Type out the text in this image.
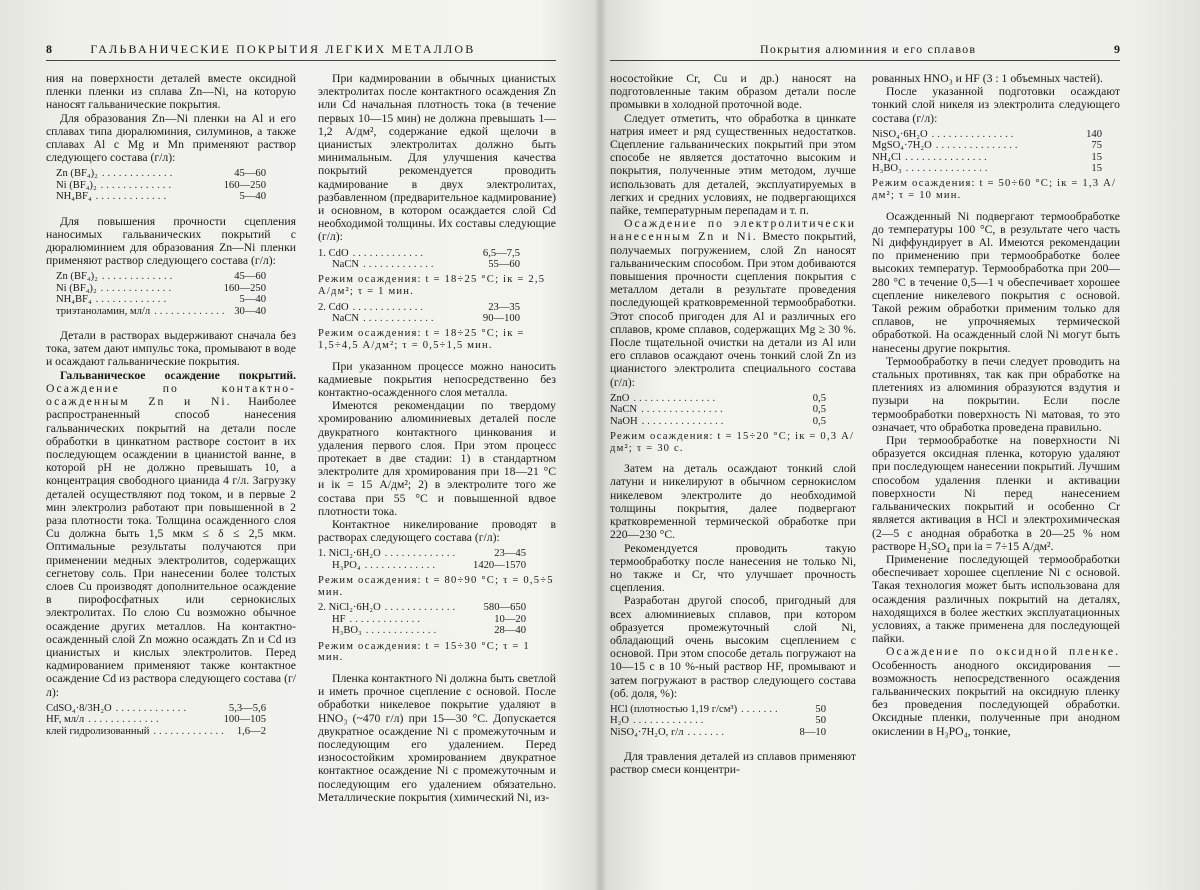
8	ГАЛЬВАНИЧЕСКИЕ ПОКРЫТИЯ ЛЕГКИХ МЕТАЛЛОВ

ния на поверхности деталей вместе оксидной пленки пленки из сплава Zn—Ni, на которую наносят гальванические покрытия.

Для образования Zn—Ni пленки на Al и его сплавах типа дюралюминия, силуминов, а также сплавах Al с Mg и Mn применяют раствор следующего состава (г/л):

Zn (BF₄)₂ .............	45—60
Ni (BF₄)₂ .............	160—250
NH₄BF₄ .............	5—40

Для повышения прочности сцепления наносимых гальванических покрытий с дюралюминием для образования Zn—Ni пленки применяют раствор следующего состава (г/л):

Zn (BF₄)₂ .............	45—60
Ni (BF₄)₂ .............	160—250
NH₄BF₄ .............	5—40
триэтаноламин, мл/л ............. 30—40

Детали в растворах выдерживают сначала без тока, затем дают импульс тока, промывают в воде и осаждают гальванические покрытия.

Гальваническое осаждение покрытий. Осаждение по контактно-осажденным Zn и Ni. Наиболее распространенный способ нанесения гальванических покрытий на детали после обработки в цинкатном растворе состоит в их последующем осаждении в цианистой ванне, в которой pH не должно превышать 10, а концентрация свободного цианида 4 г/л. Загрузку деталей осуществляют под током, и в первые 2 мин электролиз работают при повышенной в 2 раза плотности тока. Толщина осажденного слоя Cu должна быть 1,5 мкм ≤ δ ≤ 2,5 мкм. Оптимальные результаты получаются при применении медных электролитов, содержащих сегнетову соль. При нанесении более толстых слоев Cu производят дополнительное осаждение в пирофосфатных или сернокислых электролитах. По слою Cu возможно обычное осаждение других металлов. На контактно-осажденный слой Zn можно осаждать Zn и Cd из цианистых и кислых электролитов. Перед кадмированием применяют также контактное осаждение Cd из раствора следующего состава (г/л):

CdSO₄·8/3H₂O .............	5,3—5,6
HF, мл/л .............	100—105
клей гидролизованный ............. 1,6—2

При кадмировании в обычных цианистых электролитах после контактного осаждения Zn или Cd начальная плотность тока (в течение первых 10—15 мин) не должна превышать 1—1,2 А/дм², содержание едкой щелочи в цианистых электролитах должно быть минимальным. Для улучшения качества покрытий рекомендуется проводить кадмирование в двух электролитах, разбавленном (предварительное кадмирование) и основном, в котором осаждается слой Cd необходимой толщины. Их составы следующие (г/л):

1. CdO .............	6,5—7,5
NaCN .............	55—60
Режим осаждения: t = 18÷25 °C; iк = 2,5 А/дм²; τ = 1 мин.
2. CdO .............	23—35
NaCN .............	90—100
Режим осаждения: t = 18÷25 °C; iк = 1,5÷4,5 А/дм²; τ = 0,5÷1,5 мин.

При указанном процессе можно наносить кадмиевые покрытия непосредственно без контактно-осажденного слоя металла.

Имеются рекомендации по твердому хромированию алюминиевых деталей после двукратного контактного цинкования и удаления первого слоя. При этом процесс протекает в две стадии: 1) в стандартном электролите для хромирования при 18—21 °C и iк = 15 А/дм²; 2) в электролите того же состава при 55 °C и повышенной вдвое плотности тока.

Контактное никелирование проводят в растворах следующего состава (г/л):

1. NiCl₂·6H₂O .............	23—45
H₃PO₄ .............	1420—1570
Режим осаждения: t = 80÷90 °C; τ = 0,5÷5 мин.
2. NiCl₂·6H₂O .............	580—650
HF .............	10—20
H₃BO₃ .............	28—40
Режим осаждения: t = 15÷30 °C; τ = 1 мин.

Пленка контактного Ni должна быть светлой и иметь прочное сцепление с основой. После обработки никелевое покрытие удаляют в HNO₃ (~470 г/л) при 15—30 °C. Допускается двукратное осаждение Ni с промежуточным и последующим его удалением. Перед износостойким хромированием двукратное контактное осаждение Ni с промежуточным и последующим его удалением обязательно. Металлические покрытия (химический Ni, из-

Покрытия алюминия и его сплавов	9

носостойкие Cr, Cu и др.) наносят на подготовленные таким образом детали после промывки в холодной проточной воде.

Следует отметить, что обработка в цинкате натрия имеет и ряд существенных недостатков. Сцепление гальванических покрытий при этом способе не является достаточно высоким и покрытия, полученные этим методом, лучше использовать для деталей, эксплуатируемых в легких и средних условиях, не подвергающихся пайке, температурным перепадам и т. п.

Осаждение по электролитически нанесенным Zn и Ni. Вместо покрытий, получаемых погружением, слой Zn наносят гальваническим способом. При этом добиваются повышения прочности сцепления покрытия с металлом детали в результате проведения последующей кратковременной термообработки. Этот способ пригоден для Al и различных его сплавов, кроме сплавов, содержащих Mg ≥ 30 %. После тщательной очистки на детали из Al или его сплавов осаждают очень тонкий слой Zn из цианистого электролита специального состава (г/л):

ZnO ...............	0,5
NaCN ...............	0,5
NaOH ...............	0,5
Режим осаждения: t = 15÷20 °C; iк = 0,3 А/дм²; τ = 30 с.

Затем на деталь осаждают тонкий слой латуни и никелируют в обычном сернокислом никелевом электролите до необходимой толщины покрытия, далее подвергают кратковременной термической обработке при 220—230 °C.

Рекомендуется проводить такую термообработку после нанесения не только Ni, но также и Cr, что улучшает прочность сцепления.

Разработан другой способ, пригодный для всех алюминиевых сплавов, при котором образуется промежуточный слой Ni, обладающий очень высоким сцеплением с основой. При этом способе деталь погружают на 10—15 с в 10 %-ный раствор HF, промывают и затем погружают в раствор следующего состава (об. доля, %):

HCl (плотностью 1,19 г/см³) .......	50
H₂O .............	50
NiSO₄·7H₂O, г/л .......	8—10

Для травления деталей из сплавов применяют раствор смеси концентри-

рованных HNO₃ и HF (3 : 1 объемных частей).

После указанной подготовки осаждают тонкий слой никеля из электролита следующего состава (г/л):

NiSO₄·6H₂O ...............	140
MgSO₄·7H₂O ...............	75
NH₄Cl ...............	15
H₃BO₃ ...............	15
Режим осаждения: t = 50÷60 °C; iк = 1,3 А/дм²; τ = 10 мин.

Осажденный Ni подвергают термообработке до температуры 100 °C, в результате чего часть Ni диффундирует в Al. Имеются рекомендации по применению при термообработке более высоких температур. Термообработка при 200—280 °C в течение 0,5—1 ч обеспечивает хорошее сцепление никелевого покрытия с основой. Такой режим обработки применим только для сплавов, не упрочняемых термической обработкой. На осажденный слой Ni могут быть нанесены другие покрытия.

Термообработку в печи следует проводить на стальных противнях, так как при обработке на плетениях из алюминия образуются вздутия и пузыри на покрытии. Если после термообработки поверхность Ni матовая, то это означает, что обработка проведена правильно.

При термообработке на поверхности Ni образуется оксидная пленка, которую удаляют при последующем нанесении покрытий. Лучшим способом удаления пленки и активации поверхности Ni перед нанесением гальванических покрытий и особенно Cr является активация в HCl и электрохимическая (2—5 с анодная обработка в 20—25 % ном растворе H₂SO₄ при iа = 7÷15 А/дм².

Применение последующей термообработки обеспечивает хорошее сцепление Ni с основой. Такая технология может быть использована для осаждения различных покрытий на деталях, находящихся в более жестких эксплуатационных условиях, а также применена для последующей пайки.

Осаждение по оксидной пленке. Особенность анодного оксидирования — возможность непосредственного осаждения гальванических покрытий на оксидную пленку без проведения последующей обработки. Оксидные пленки, полученные при анодном окислении в H₃PO₄, тонкие,
